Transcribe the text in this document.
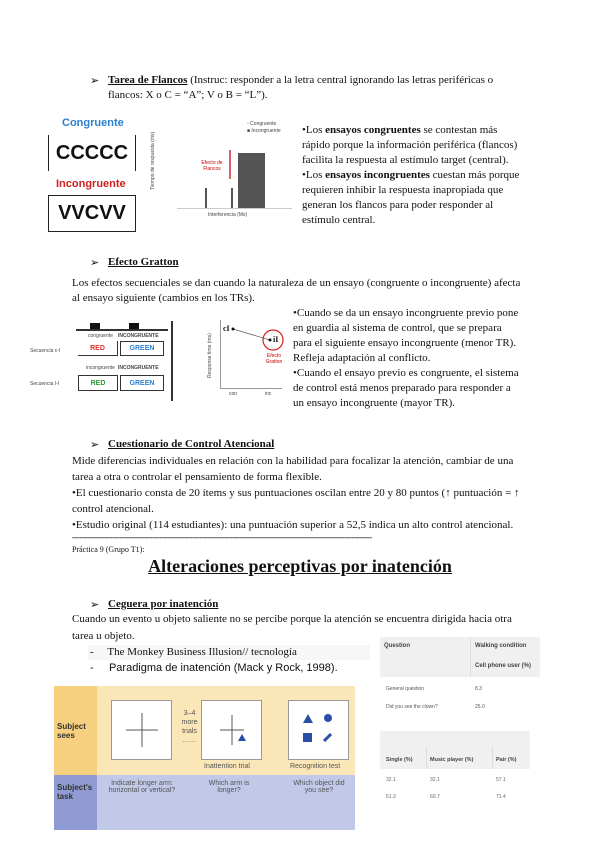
➢ Tarea de Flancos (Instruc: responder a la letra central ignorando las letras periféricas o
flancos: X o C = “A”; V o B = “L”).
Congruente
CCCCC
Incongruente
VVCVV
Tiempo de respuesta (ms)	Efecto de Flancos
▫ Congruente
■ Incongruente
Interferencia (Ms)
•Los ensayos congruentes se contestan más
rápido porque la información periférica (flancos)
facilita la respuesta al estímulo target (central).
•Los ensayos incongruentes cuestan más porque
requieren inhibir la respuesta inapropiada que
generan los flancos para poder responder al
estímulo central.
➢ Efecto Gratton
Los efectos secuenciales se dan cuando la naturaleza de un ensayo (congruente o incongruente) afecta
al ensayo siguiente (cambios en los TRs).
congruente INCONGRUENTE
Secuencia c-I
Secuencia I-I
RED	GREEN
incongruente INCONGRUENTE
RED	GREEN
Response time (ms)
cI
iI
Efecto Gratton
con	inc
•Cuando se da un ensayo incongruente previo pone
en guardia al sistema de control, que se prepara
para el siguiente ensayo incongruente (menor TR).
Refleja adaptación al conflicto.
•Cuando el ensayo previo es congruente, el sistema
de control está menos preparado para responder a
un ensayo incongruente (mayor TR).
➢ Cuestionario de Control Atencional
Mide diferencias individuales en relación con la habilidad para focalizar la atención, cambiar de una
tarea a otra o controlar el pensamiento de forma flexible.
•El cuestionario consta de 20 ítems y sus puntuaciones oscilan entre 20 y 80 puntos (↑ puntuación = ↑
control atencional.
•Estudio original (114 estudiantes): una puntuación superior a 52,5 indica un alto control atencional.
------------------------------------------------------------------------------------------------------------------------
Práctica 9 (Grupo T1):
Alteraciones perceptivas por inatención
➢ Ceguera por inatención
Cuando un evento u objeto saliente no se percibe porque la atención se encuentra dirigida hacia otra
tarea u objeto.
-     The Monkey Business Illusion// tecnología
-     Paradigma de inatención (Mack y Rock, 1998).
Subject sees
Subject's task
3–4 more trials ……
Inattention trial	Recognition test
Indicate longer arm: horizontal or vertical?
Which arm is longer?
Which object did you see?
Question	Walking condition
Cell phone user (%)
General question	8.3
Did you see the clown?	25.0
Single (%)	Music player (%)	Pair (%)
32.1	32.1	57.1
51.3	60.7	71.4
